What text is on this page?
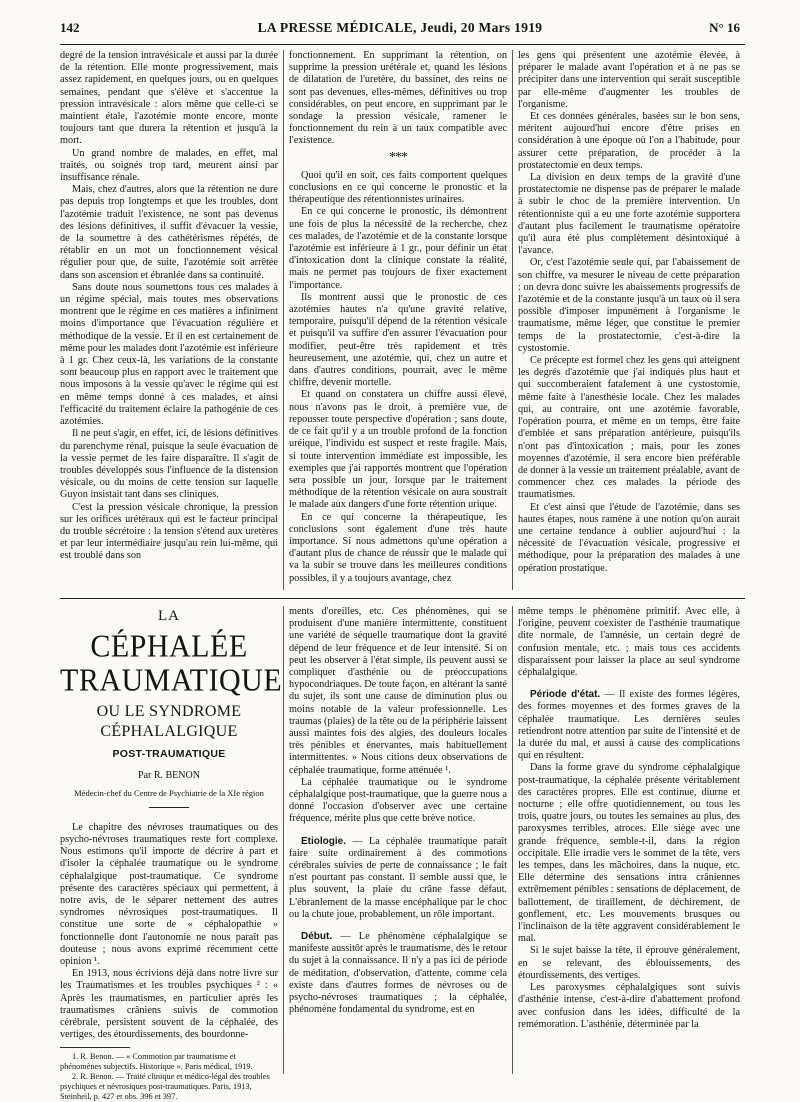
142	LA PRESSE MÉDICALE, Jeudi, 20 Mars 1919	N° 16

degré de la tension intravésicale et aussi par la durée de la rétention. Elle monte progressivement, mais assez rapidement, en quelques jours, ou en quelques semaines, pendant que s'élève et s'accentue la pression intravésicale : alors même que celle-ci se maintient étale, l'azotémie monte encore, monte toujours tant que durera la rétention et jusqu'à la mort.

Un grand nombre de malades, en effet, mal traités, ou soignés trop tard, meurent ainsi par insuffisance rénale.

Mais, chez d'autres, alors que la rétention ne dure pas depuis trop longtemps et que les troubles, dont l'azotémie traduit l'existence, ne sont pas devenus des lésions définitives, il suffit d'évacuer la vessie, de la soumettre à des cathétérismes répétés, de rétablir en un mot un fonctionnement vésical régulier pour que, de suite, l'azotémie soit arrêtée dans son ascension et ébranlée dans sa continuité.

Sans doute nous soumettons tous ces malades à un régime spécial, mais toutes mes observations montrent que le régime en ces matières a infiniment moins d'importance que l'évacuation régulière et méthodique de la vessie. Et il en est certainement de même pour les malades dont l'azotémie est inférieure à 1 gr. Chez ceux-là, les variations de la constante sont beaucoup plus en rapport avec le traitement que nous imposons à la vessie qu'avec le régime qui est en même temps donné à ces malades, et ainsi l'efficacité du traitement éclaire la pathogénie de ces azotémies.

Il ne peut s'agir, en effet, ici, de lésions définitives du parenchyme rénal, puisque la seule évacuation de la vessie permet de les faire disparaître. Il s'agit de troubles développés sous l'influence de la distension vésicale, ou du moins de cette tension sur laquelle Guyon insistait tant dans ses cliniques.

C'est la pression vésicale chronique, la pression sur les orifices urétéraux qui est le facteur principal du trouble sécrétoire : la tension s'étend aux uretères et par leur intermédiaire jusqu'au rein lui-même, qui est troublé dans son

fonctionnement. En supprimant la rétention, on supprime la pression urétérale et, quand les lésions de dilatation de l'uretère, du bassinet, des reins ne sont pas devenues, elles-mêmes, définitives ou trop considérables, on peut encore, en supprimant par le sondage la pression vésicale, ramener le fonctionnement du rein à un taux compatible avec l'existence.

***

Quoi qu'il en soit, ces faits comportent quelques conclusions en ce qui concerne le pronostic et la thérapeutique des rétentionnistes urinaires.

En ce qui concerne le pronostic, ils démontrent une fois de plus la nécessité de la recherche, chez ces malades, de l'azotémie et de la constante lorsque l'azotémie est inférieure à 1 gr., pour définir un état d'intoxication dont la clinique constate la réalité, mais ne permet pas toujours de fixer exactement l'importance.

Ils montrent aussi que le pronostic de ces azotémies hautes n'a qu'une gravité relative, temporaire, puisqu'il dépend de la rétention vésicale et puisqu'il va suffire d'en assurer l'évacuation pour modifier, peut-être très rapidement et très heureusement, une azotémie, qui, chez un autre et dans d'autres conditions, pourrait, avec le même chiffre, devenir mortelle.

Et quand on constatera un chiffre aussi élevé, nous n'avons pas le droit, à première vue, de repousser toute perspective d'opération ; sans doute, de ce fait qu'il y a un trouble profond de la fonction uréique, l'individu est suspect et reste fragile. Mais, si toute intervention immédiate est impossible, les exemples que j'ai rapportés montrent que l'opération sera possible un jour, lorsque par le traitement méthodique de la rétention vésicale on aura soustrait le malade aux dangers d'une forte rétention urique.

En ce qui concerne la thérapeutique, les conclusions sont également d'une très haute importance. Si nous admettons qu'une opération a d'autant plus de chance de réussir que le malade qui va la subir se trouve dans les meilleures conditions possibles, il y a toujours avantage, chez

les gens qui présentent une azotémie élevée, à préparer le malade avant l'opération et à ne pas se précipiter dans une intervention qui serait susceptible par elle-même d'augmenter les troubles de l'organisme.

Et ces données générales, basées sur le bon sens, méritent aujourd'hui encore d'être prises en considération à une époque où l'on a l'habitude, pour assurer cette préparation, de procéder à la prostatectomie en deux temps.

La division en deux temps de la gravité d'une prostatectomie ne dispense pas de préparer le malade à subir le choc de la première intervention. Un rétentionniste qui a eu une forte azotémie supportera d'autant plus facilement le traumatisme opératoire qu'il aura été plus complètement désintoxiqué à l'avance.

Or, c'est l'azotémie seule qui, par l'abaissement de son chiffre, va mesurer le niveau de cette préparation : on devra donc suivre les abaissements progressifs de l'azotémie et de la constante jusqu'à un taux où il sera possible d'imposer impunément à l'organisme le traumatisme, même léger, que constitue le premier temps de la prostatectomie, c'est-à-dire la cystostomie.

Ce précepte est formel chez les gens qui atteignent les degrés d'azotémie que j'ai indiqués plus haut et qui succomberaient fatalement à une cystostomie, même faite à l'anesthésie locale. Chez les malades qui, au contraire, ont une azotémie favorable, l'opération pourra, et même en un temps, être faite d'emblée et sans préparation antérieure, puisqu'ils n'ont pas d'intoxication ; mais, pour les zones moyennes d'azotémie, il sera encore bien préférable de donner à la vessie un traitement préalable, avant de commencer chez ces malades la période des traumatismes.

Et c'est ainsi que l'étude de l'azotémie, dans ses hautes étapes, nous ramène à une notion qu'on aurait une certaine tendance à oublier aujourd'hui : la nécessité de l'évacuation vésicale, progressive et méthodique, pour la préparation des malades à une opération prostatique.

LA
CÉPHALÉE TRAUMATIQUE
OU LE SYNDROME CÉPHALALGIQUE
POST-TRAUMATIQUE
Par R. BENON
Médecin-chef du Centre de Psychiatrie de la XIe région

Le chapitre des névroses traumatiques ou des psycho-névroses traumatiques reste fort complexe. Nous estimons qu'il importe de décrire à part et d'isoler la céphalée traumatique ou le syndrome céphalalgique post-traumatique. Ce syndrome présente des caractères spéciaux qui permettent, à notre avis, de le séparer nettement des autres syndromes névrosiques post-traumatiques. Il constitue une sorte de « céphalopathie » fonctionnelle dont l'autonomie ne nous paraît pas douteuse ; nous avons exprimé récemment cette opinion ¹.

En 1913, nous écrivions déjà dans notre livre sur les Traumatismes et les troubles psychiques ² : « Après les traumatismes, en particulier après les traumatismes crâniens suivis de commotion cérébrale, persistent souvent de la céphalée, des vertiges, des étourdissements, des bourdonne-

1. R. Benon. — « Commotion par traumatisme et phénomènes subjectifs. Historique ». Paris médical, 1919.

2. R. Benon. — Traité clinique et médico-légal des troubles psychiques et névrosiques post-traumatiques. Paris, 1913, Steinheil, p. 427 et obs. 396 et 397.

ments d'oreilles, etc. Ces phénomènes, qui se produisent d'une manière intermittente, constituent une variété de séquelle traumatique dont la gravité dépend de leur fréquence et de leur intensité. Si on peut les observer à l'état simple, ils peuvent aussi se compliquer d'asthénie ou de préoccupations hypocondriaques. De toute façon, en altérant la santé du sujet, ils sont une cause de diminution plus ou moins notable de la valeur professionnelle. Les traumas (plaies) de la tête ou de la périphérie laissent aussi maintes fois des algies, des douleurs locales très pénibles et énervantes, mais habituellement intermittentes. » Nous citions deux observations de céphalée traumatique, forme atténuée ¹.

La céphalée traumatique ou le syndrome céphalalgique post-traumatique, que la guerre nous a donné l'occasion d'observer avec une certaine fréquence, mérite plus que cette brève notice.

Etiologie. — La céphalée traumatique paraît faire suite ordinairement à des commotions cérébrales suivies de perte de connaissance ; le fait n'est pourtant pas constant. Il semble aussi que, le plus souvent, la plaie du crâne fasse défaut. L'ébranlement de la masse encéphalique par le choc ou la chute joue, probablement, un rôle important.

Début. — Le phénomène céphalalgique se manifeste aussitôt après le traumatisme, dès le retour du sujet à la connaissance. Il n'y a pas ici de période de méditation, d'observation, d'attente, comme cela existe dans d'autres formes de névroses ou de psycho-névroses traumatiques ; la céphalée, phénomène fondamental du syndrome, est en

même temps le phénomène primitif. Avec elle, à l'origine, peuvent coexister de l'asthénie traumatique dite normale, de l'amnésie, un certain degré de confusion mentale, etc. ; mais tous ces accidents disparaissent pour laisser la place au seul syndrome céphalalgique.

Période d'état. — Il existe des formes légères, des formes moyennes et des formes graves de la céphalée traumatique. Les dernières seules retiendront notre attention par suite de l'intensité et de la durée du mal, et aussi à cause des complications qui en résultent.

Dans la forme grave du syndrome céphalalgique post-traumatique, la céphalée présente véritablement des caractères propres. Elle est continue, diurne et nocturne ; elle offre quotidiennement, ou tous les trois, quatre jours, ou toutes les semaines au plus, des paroxysmes terribles, atroces. Elle siège avec une grande fréquence, semble-t-il, dans la région occipitale. Elle irradie vers le sommet de la tête, vers les tempes, dans les mâchoires, dans la nuque, etc. Elle détermine des sensations intra crâniennes extrêmement pénibles : sensations de déplacement, de ballottement, de tiraillement, de déchirement, de gonflement, etc. Les mouvements brusques ou l'inclinaison de la tête aggravent considérablement le mal.

Si le sujet baisse la tête, il éprouve généralement, en se relevant, des éblouissements, des étourdissements, des vertiges.

Les paroxysmes céphalalgiques sont suivis d'asthénie intense, c'est-à-dire d'abattement profond avec confusion dans les idées, difficulté de la remémoration. L'asthénie, déterminée par la
